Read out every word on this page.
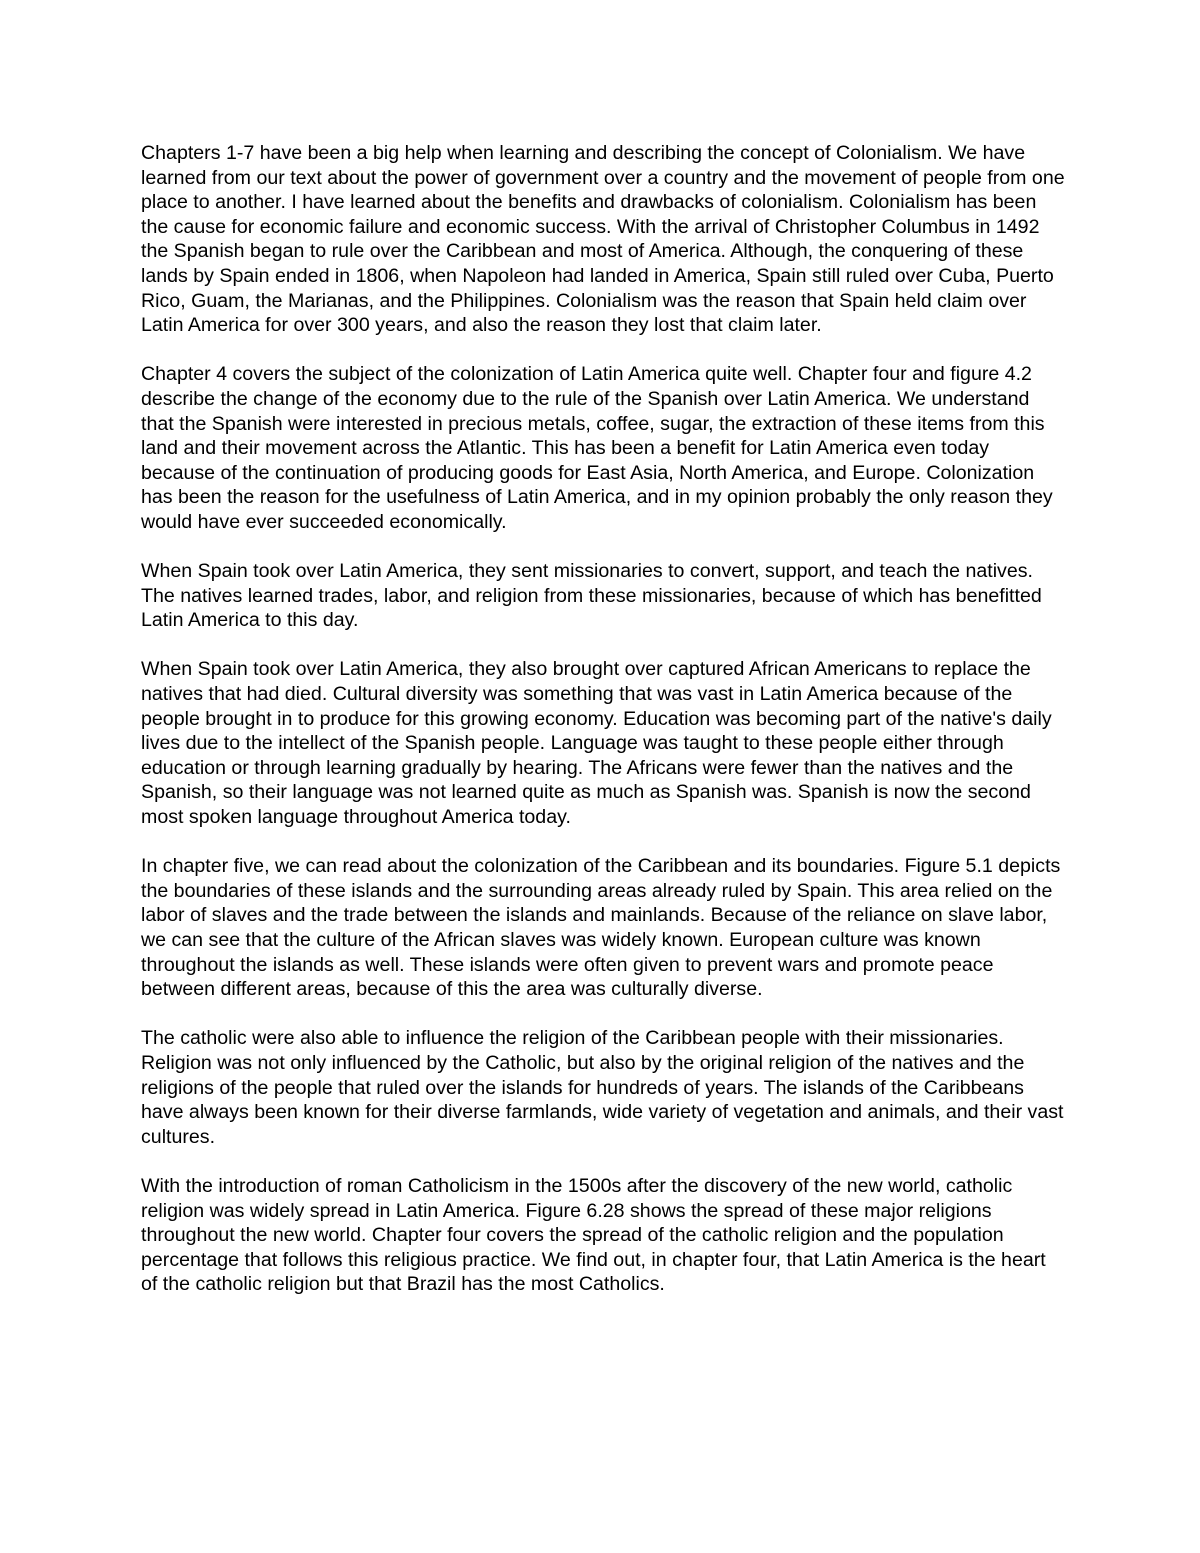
Chapters 1-7 have been a big help when learning and describing the concept of Colonialism. We have learned from our text about the power of government over a country and the movement of people from one place to another. I have learned about the benefits and drawbacks of colonialism. Colonialism has been the cause for economic failure and economic success. With the arrival of Christopher Columbus in 1492 the Spanish began to rule over the Caribbean and most of America. Although, the conquering of these lands by Spain ended in 1806, when Napoleon had landed in America, Spain still ruled over Cuba, Puerto Rico, Guam, the Marianas, and the Philippines. Colonialism was the reason that Spain held claim over Latin America for over 300 years, and also the reason they lost that claim later.

Chapter 4 covers the subject of the colonization of Latin America quite well. Chapter four and figure 4.2 describe the change of the economy due to the rule of the Spanish over Latin America. We understand that the Spanish were interested in precious metals, coffee, sugar, the extraction of these items from this land and their movement across the Atlantic. This has been a benefit for Latin America even today because of the continuation of producing goods for East Asia, North America, and Europe. Colonization has been the reason for the usefulness of Latin America, and in my opinion probably the only reason they would have ever succeeded economically.

When Spain took over Latin America, they sent missionaries to convert, support, and teach the natives. The natives learned trades, labor, and religion from these missionaries, because of which has benefitted Latin America to this day.

When Spain took over Latin America, they also brought over captured African Americans to replace the natives that had died. Cultural diversity was something that was vast in Latin America because of the people brought in to produce for this growing economy. Education was becoming part of the native's daily lives due to the intellect of the Spanish people. Language was taught to these people either through education or through learning gradually by hearing. The Africans were fewer than the natives and the Spanish, so their language was not learned quite as much as Spanish was. Spanish is now the second most spoken language throughout America today.

In chapter five, we can read about the colonization of the Caribbean and its boundaries. Figure 5.1 depicts the boundaries of these islands and the surrounding areas already ruled by Spain. This area relied on the labor of slaves and the trade between the islands and mainlands. Because of the reliance on slave labor, we can see that the culture of the African slaves was widely known. European culture was known throughout the islands as well. These islands were often given to prevent wars and promote peace between different areas, because of this the area was culturally diverse.

The catholic were also able to influence the religion of the Caribbean people with their missionaries. Religion was not only influenced by the Catholic, but also by the original religion of the natives and the religions of the people that ruled over the islands for hundreds of years. The islands of the Caribbeans have always been known for their diverse farmlands, wide variety of vegetation and animals, and their vast cultures.

With the introduction of roman Catholicism in the 1500s after the discovery of the new world, catholic religion was widely spread in Latin America. Figure 6.28 shows the spread of these major religions throughout the new world. Chapter four covers the spread of the catholic religion and the population percentage that follows this religious practice. We find out, in chapter four, that Latin America is the heart of the catholic religion but that Brazil has the most Catholics.
